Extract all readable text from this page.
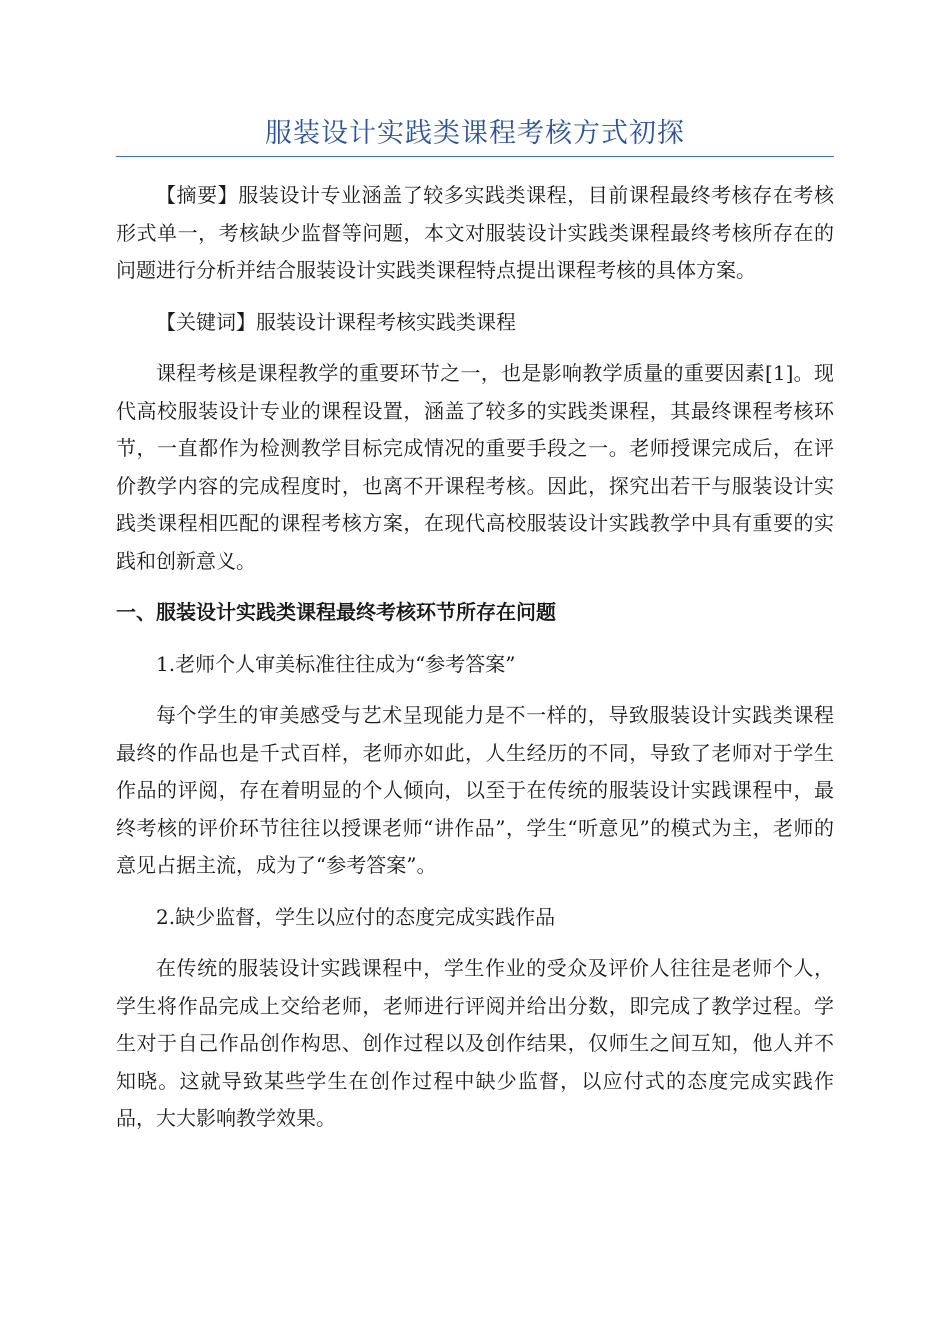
服装设计实践类课程考核方式初探

【摘要】服装设计专业涵盖了较多实践类课程，目前课程最终考核存在考核形式单一，考核缺少监督等问题，本文对服装设计实践类课程最终考核所存在的问题进行分析并结合服装设计实践类课程特点提出课程考核的具体方案。

【关键词】服装设计课程考核实践类课程

课程考核是课程教学的重要环节之一，也是影响教学质量的重要因素[1]。现代高校服装设计专业的课程设置，涵盖了较多的实践类课程，其最终课程考核环节，一直都作为检测教学目标完成情况的重要手段之一。老师授课完成后，在评价教学内容的完成程度时，也离不开课程考核。因此，探究出若干与服装设计实践类课程相匹配的课程考核方案，在现代高校服装设计实践教学中具有重要的实践和创新意义。

一、服装设计实践类课程最终考核环节所存在问题

1.老师个人审美标准往往成为“参考答案”

每个学生的审美感受与艺术呈现能力是不一样的，导致服装设计实践类课程最终的作品也是千式百样，老师亦如此，人生经历的不同，导致了老师对于学生作品的评阅，存在着明显的个人倾向，以至于在传统的服装设计实践课程中，最终考核的评价环节往往以授课老师“讲作品”，学生“听意见”的模式为主，老师的意见占据主流，成为了“参考答案”。

2.缺少监督，学生以应付的态度完成实践作品

在传统的服装设计实践课程中，学生作业的受众及评价人往往是老师个人，学生将作品完成上交给老师，老师进行评阅并给出分数，即完成了教学过程。学生对于自己作品创作构思、创作过程以及创作结果，仅师生之间互知，他人并不知晓。这就导致某些学生在创作过程中缺少监督，以应付式的态度完成实践作品，大大影响教学效果。
